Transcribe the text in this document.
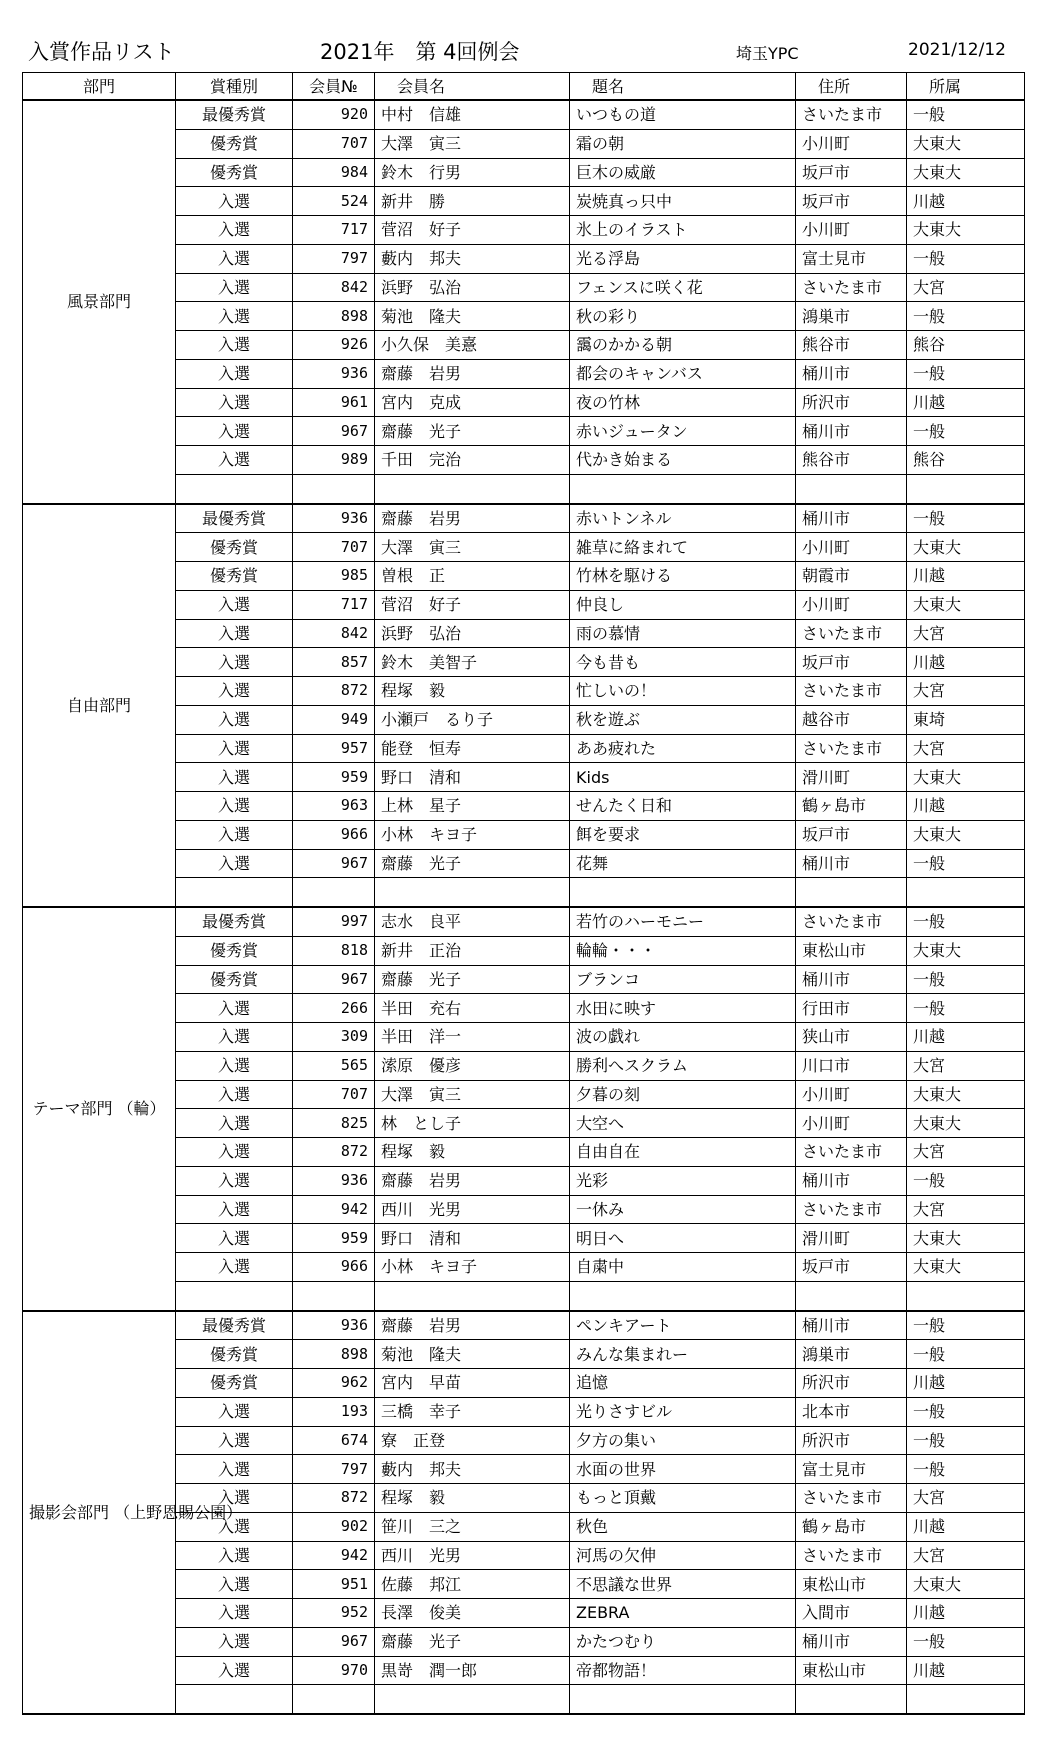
入賞作品リスト	2021年　第 4回例会	埼玉YPC	2021/12/12
部門	賞種別	会員№	会員名	題名	住所	所属
風景部門	最優秀賞	920	中村　信雄	いつもの道	さいたま市	一般
	優秀賞	707	大澤　寅三	霜の朝	小川町	大東大
	優秀賞	984	鈴木　行男	巨木の威厳	坂戸市	大東大
	入選	524	新井　勝	炭焼真っ只中	坂戸市	川越
	入選	717	菅沼　好子	氷上のイラスト	小川町	大東大
	入選	797	藪内　邦夫	光る浮島	富士見市	一般
	入選	842	浜野　弘治	フェンスに咲く花	さいたま市	大宮
	入選	898	菊池　隆夫	秋の彩り	鴻巣市	一般
	入選	926	小久保　美憙	靄のかかる朝	熊谷市	熊谷
	入選	936	齋藤　岩男	都会のキャンバス	桶川市	一般
	入選	961	宮内　克成	夜の竹林	所沢市	川越
	入選	967	齋藤　光子	赤いジュータン	桶川市	一般
	入選	989	千田　完治	代かき始まる	熊谷市	熊谷

自由部門	最優秀賞	936	齋藤　岩男	赤いトンネル	桶川市	一般
	優秀賞	707	大澤　寅三	雑草に絡まれて	小川町	大東大
	優秀賞	985	曽根　正	竹林を駆ける	朝霞市	川越
	入選	717	菅沼　好子	仲良し	小川町	大東大
	入選	842	浜野　弘治	雨の慕情	さいたま市	大宮
	入選	857	鈴木　美智子	今も昔も	坂戸市	川越
	入選	872	程塚　毅	忙しいの！	さいたま市	大宮
	入選	949	小瀬戸　るり子	秋を遊ぶ	越谷市	東埼
	入選	957	能登　恒寿	ああ疲れた	さいたま市	大宮
	入選	959	野口　清和	Kids	滑川町	大東大
	入選	963	上林　星子	せんたく日和	鶴ヶ島市	川越
	入選	966	小林　キヨ子	餌を要求	坂戸市	大東大
	入選	967	齋藤　光子	花舞	桶川市	一般

テーマ部門 （輪）	最優秀賞	997	志水　良平	若竹のハーモニー	さいたま市	一般
	優秀賞	818	新井　正治	輪輪・・・	東松山市	大東大
	優秀賞	967	齋藤　光子	ブランコ	桶川市	一般
	入選	266	半田　充右	水田に映す	行田市	一般
	入選	309	半田　洋一	波の戯れ	狭山市	川越
	入選	565	溹原　優彦	勝利へスクラム	川口市	大宮
	入選	707	大澤　寅三	夕暮の刻	小川町	大東大
	入選	825	林　とし子	大空へ	小川町	大東大
	入選	872	程塚　毅	自由自在	さいたま市	大宮
	入選	936	齋藤　岩男	光彩	桶川市	一般
	入選	942	西川　光男	一休み	さいたま市	大宮
	入選	959	野口　清和	明日へ	滑川町	大東大
	入選	966	小林　キヨ子	自粛中	坂戸市	大東大

撮影会部門 （上野恩賜公園）	最優秀賞	936	齋藤　岩男	ペンキアート	桶川市	一般
	優秀賞	898	菊池　隆夫	みんな集まれー	鴻巣市	一般
	優秀賞	962	宮内　早苗	追憶	所沢市	川越
	入選	193	三橋　幸子	光りさすビル	北本市	一般
	入選	674	寮　正登	夕方の集い	所沢市	一般
	入選	797	藪内　邦夫	水面の世界	富士見市	一般
	入選	872	程塚　毅	もっと頂戴	さいたま市	大宮
	入選	902	笹川　三之	秋色	鶴ヶ島市	川越
	入選	942	西川　光男	河馬の欠伸	さいたま市	大宮
	入選	951	佐藤　邦江	不思議な世界	東松山市	大東大
	入選	952	長澤　俊美	ZEBRA	入間市	川越
	入選	967	齋藤　光子	かたつむり	桶川市	一般
	入選	970	黒嵜　潤一郎	帝都物語！	東松山市	川越
